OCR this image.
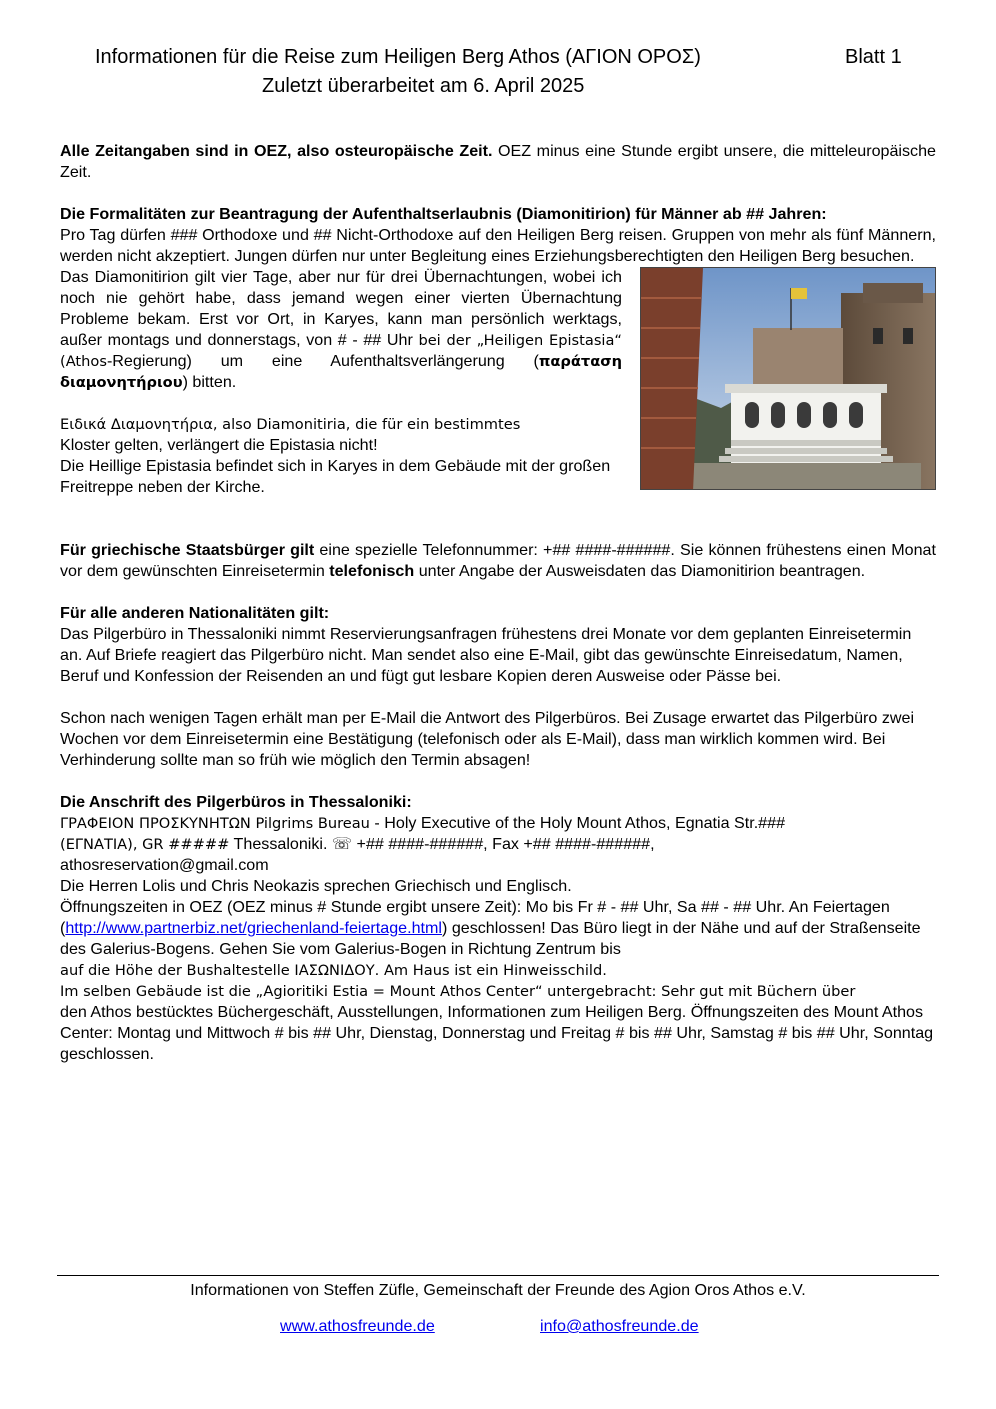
Informationen für die Reise zum Heiligen Berg Athos (ΑΓΙΟΝ ΟΡΟΣ)	Blatt 1
Zuletzt überarbeitet am 6. April 2025

Alle Zeitangaben sind in OEZ, also osteuropäische Zeit. OEZ minus eine Stunde ergibt unsere, die mitteleuropäische Zeit.

Die Formalitäten zur Beantragung der Aufenthaltserlaubnis (Diamonitirion) für Männer ab ## Jahren:

Pro Tag dürfen ### Orthodoxe und ## Nicht-Orthodoxe auf den Heiligen Berg reisen. Gruppen von mehr als fünf Männern, werden nicht akzeptiert. Jungen dürfen nur unter Begleitung eines Erziehungsberechtigten den Heiligen Berg besuchen.

Das Diamonitirion gilt vier Tage, aber nur für drei Übernachtungen, wobei ich noch nie gehört habe, dass jemand wegen einer vierten Übernachtung Probleme bekam. Erst vor Ort, in Karyes, kann man persönlich werktags, außer montags und donnerstags, von # - ## Uhr bei der „Heiligen Epistasia“ (Athos-Regierung) um eine Aufenthaltsverlängerung (παράταση διαμονητήριου) bitten.

Ειδικά Διαμονητήρια, also Diamonitiria, die für ein bestimmtes
Kloster gelten, verlängert die Epistasia nicht!

Die Heillige Epistasia befindet sich in Karyes in dem Gebäude mit der großen Freitreppe neben der Kirche.

Für griechische Staatsbürger gilt eine spezielle Telefonnummer: +## ####-######. Sie können frühestens einen Monat vor dem gewünschten Einreisetermin telefonisch unter Angabe der Ausweisdaten das Diamonitirion beantragen.

Für alle anderen Nationalitäten gilt:

Das Pilgerbüro in Thessaloniki nimmt Reservierungsanfragen frühestens drei Monate vor dem geplanten Einreisetermin an. Auf Briefe reagiert das Pilgerbüro nicht. Man sendet also eine E-Mail, gibt das gewünschte Einreisedatum, Namen, Beruf und Konfession der Reisenden an und fügt gut lesbare Kopien deren Ausweise oder Pässe bei.

Schon nach wenigen Tagen erhält man per E-Mail die Antwort des Pilgerbüros. Bei Zusage erwartet das Pilgerbüro zwei Wochen vor dem Einreisetermin eine Bestätigung (telefonisch oder als E-Mail), dass man wirklich kommen wird. Bei Verhinderung sollte man so früh wie möglich den Termin absagen!

Die Anschrift des Pilgerbüros in Thessaloniki:

ΓΡΑΦΕΙΟΝ ΠΡΟΣΚΥΝΗΤΩΝ Pilgrims Bureau - Holy Executive of the Holy Mount Athos, Egnatia Str.###
(ΕΓΝΑΤΙΑ), GR ##### Thessaloniki. ☏ +## ####-######, Fax +## ####-######,
athosreservation@gmail.com

Die Herren Lolis und Chris Neokazis sprechen Griechisch und Englisch.

Öffnungszeiten in OEZ (OEZ minus # Stunde ergibt unsere Zeit): Mo bis Fr # - ## Uhr, Sa ## - ## Uhr. An Feiertagen (http://www.partnerbiz.net/griechenland-feiertage.html) geschlossen! Das Büro liegt in der Nähe und auf der Straßenseite des Galerius-Bogens. Gehen Sie vom Galerius-Bogen in Richtung Zentrum bis
auf die Höhe der Bushaltestelle ΙΑΣΩΝΙΔΟΥ. Am Haus ist ein Hinweisschild.
Im selben Gebäude ist die „Agioritiki Estia = Mount Athos Center“ untergebracht: Sehr gut mit Büchern über
den Athos bestücktes Büchergeschäft, Ausstellungen, Informationen zum Heiligen Berg. Öffnungszeiten des Mount Athos Center: Montag und Mittwoch # bis ## Uhr, Dienstag, Donnerstag und Freitag # bis ## Uhr, Samstag # bis ## Uhr, Sonntag geschlossen.

Informationen von Steffen Züfle, Gemeinschaft der Freunde des Agion Oros Athos e.V.
www.athosfreunde.de	info@athosfreunde.de
